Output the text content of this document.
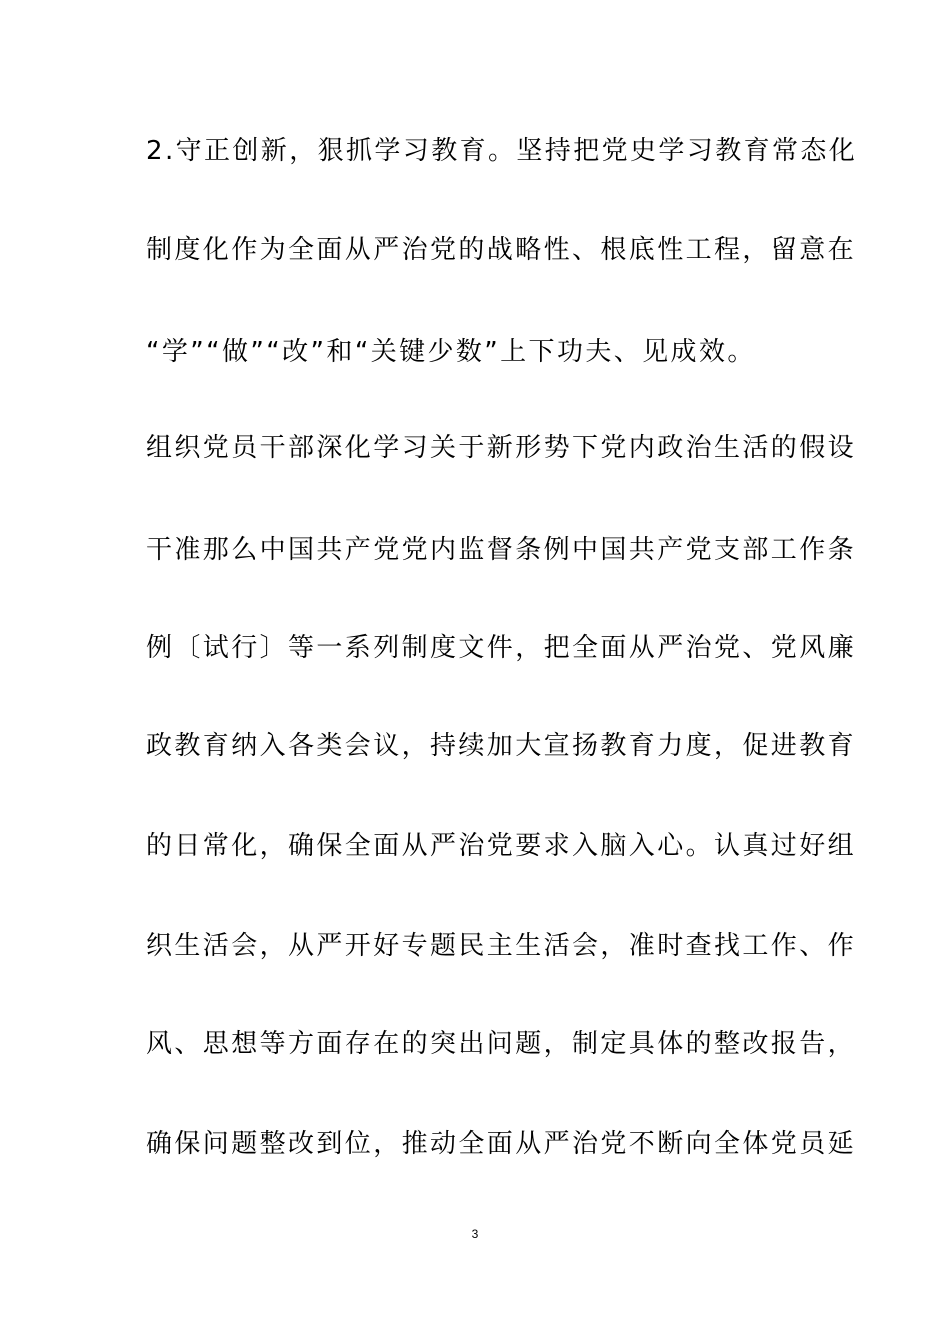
2.守正创新，狠抓学习教育。坚持把党史学习教育常态化
制度化作为全面从严治党的战略性、根底性工程，留意在
“学”“做”“改”和“关键少数”上下功夫、见成效。
组织党员干部深化学习关于新形势下党内政治生活的假设
干准那么中国共产党党内监督条例中国共产党支部工作条
例〔试行〕等一系列制度文件，把全面从严治党、党风廉
政教育纳入各类会议，持续加大宣扬教育力度，促进教育
的日常化，确保全面从严治党要求入脑入心。认真过好组
织生活会，从严开好专题民主生活会，准时查找工作、作
风、思想等方面存在的突出问题，制定具体的整改报告，
确保问题整改到位，推动全面从严治党不断向全体党员延
3
